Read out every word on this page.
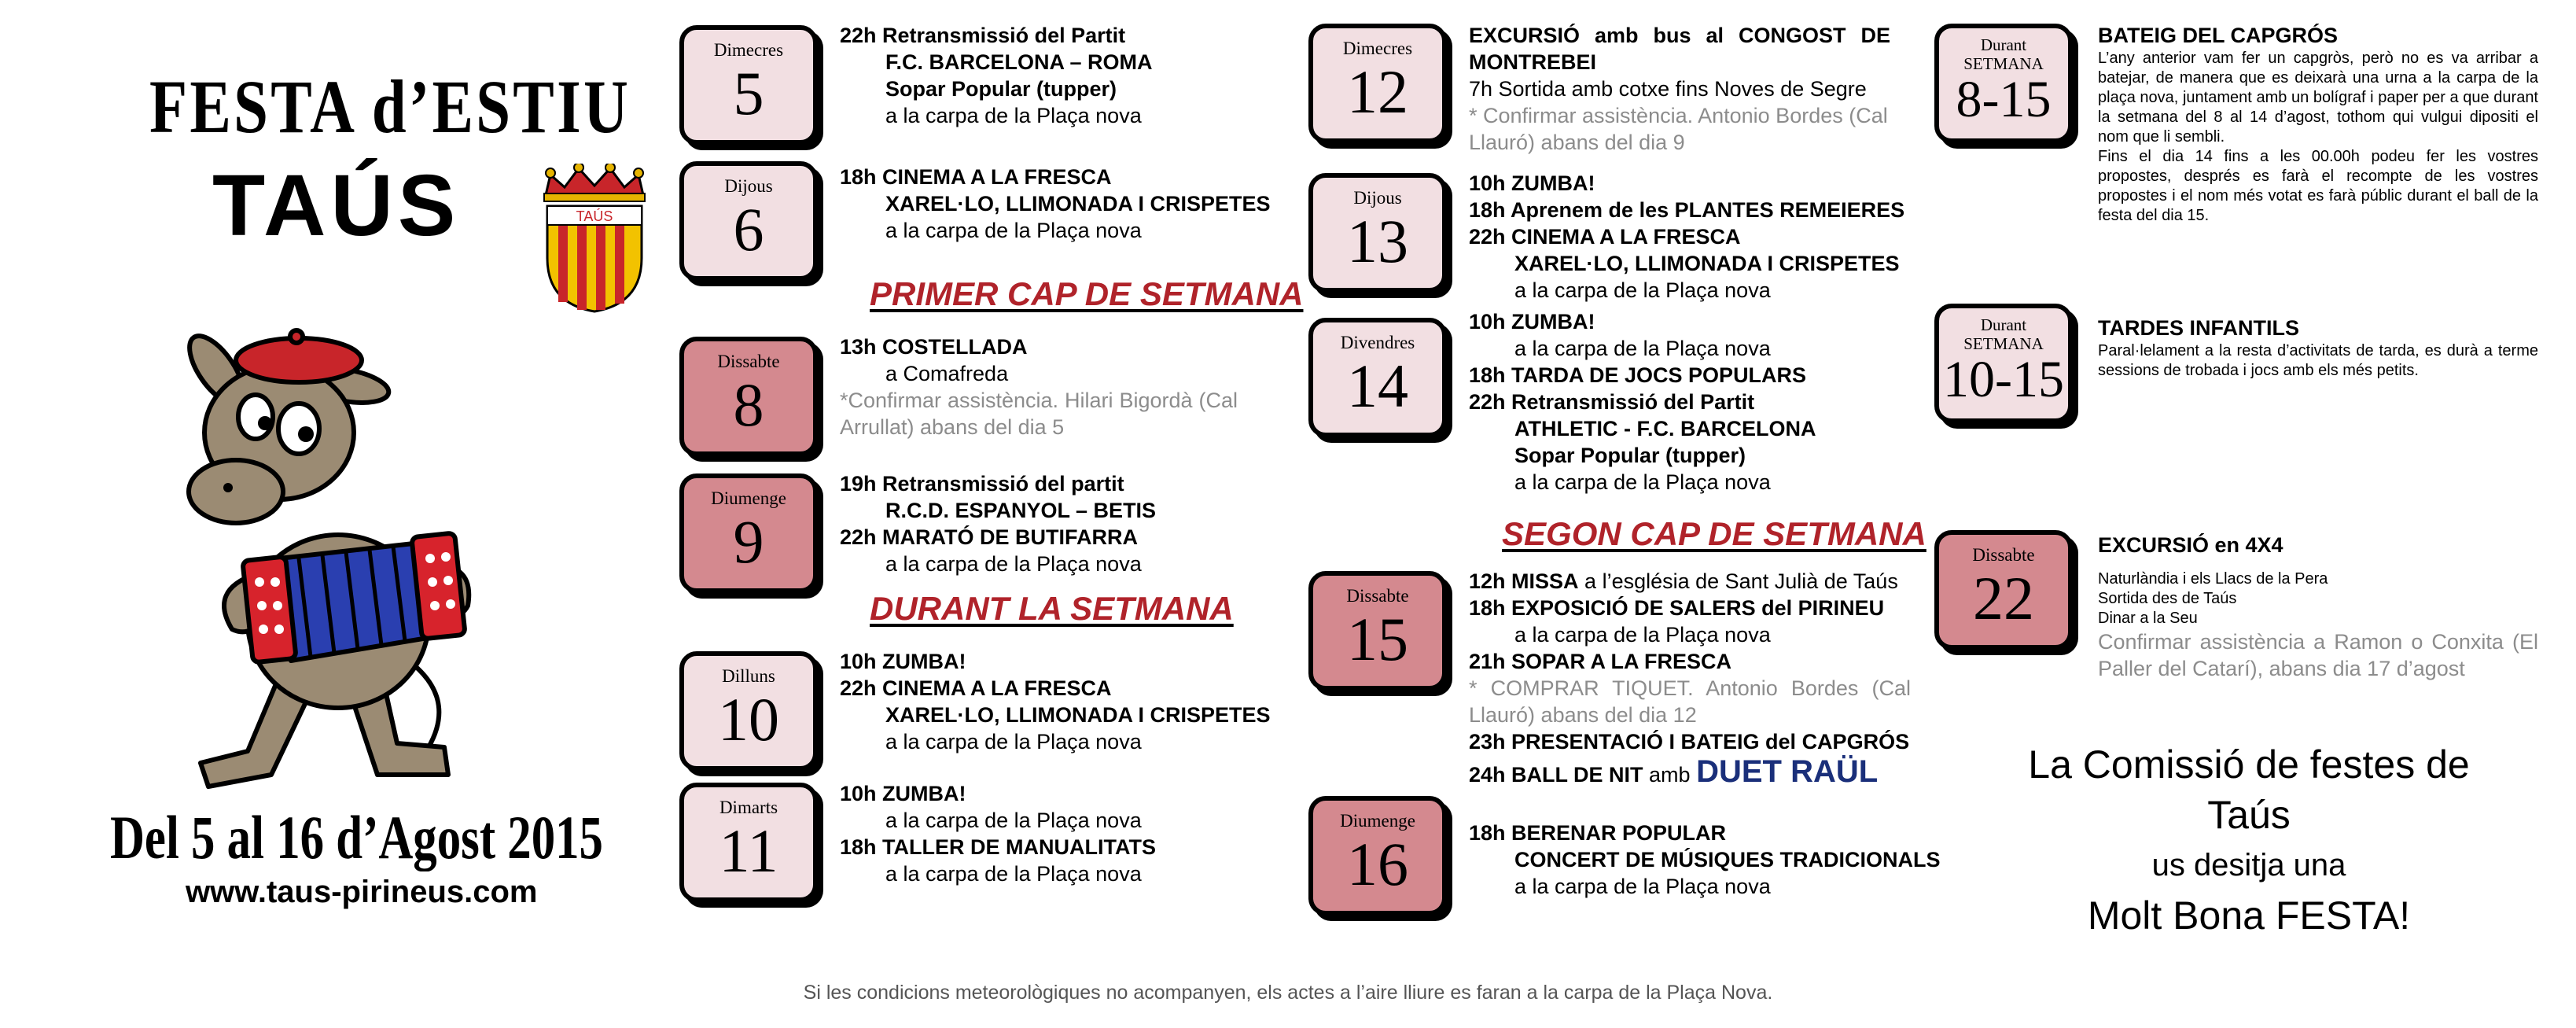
FESTA d’ESTIU
TAÚS	TAÚS
Del 5 al 16 d’Agost 2015
www.taus-pirineus.com
Dimecres
5
22h Retransmissió del Partit
F.C. BARCELONA – ROMA
Sopar Popular (tupper)
a la carpa de la Plaça nova
Dijous
6
18h CINEMA A LA FRESCA
XAREL·LO, LLIMONADA I CRISPETES
a la carpa de la Plaça nova
PRIMER CAP DE SETMANA
Dissabte
8
13h COSTELLADA
a Comafreda
*Confirmar assistència. Hilari Bigordà (Cal Arrullat) abans del dia 5
Diumenge
9
19h Retransmissió del partit
R.C.D. ESPANYOL – BETIS
22h MARATÓ DE BUTIFARRA
a la carpa de la Plaça nova
DURANT LA SETMANA
Dilluns
10
10h ZUMBA!
22h CINEMA A LA FRESCA
XAREL·LO, LLIMONADA I CRISPETES
a la carpa de la Plaça nova
Dimarts
11
10h ZUMBA!
a la carpa de la Plaça nova
18h TALLER DE MANUALITATS
a la carpa de la Plaça nova
Dimecres
12
EXCURSIÓ amb bus al CONGOST DE MONTREBEI
7h Sortida amb cotxe fins Noves de Segre
* Confirmar assistència. Antonio Bordes (Cal Llauró) abans del dia 9
Dijous
13
10h ZUMBA!
18h Aprenem de les PLANTES REMEIERES
22h CINEMA A LA FRESCA
XAREL·LO, LLIMONADA I CRISPETES
a la carpa de la Plaça nova
Divendres
14
10h ZUMBA!
a la carpa de la Plaça nova
18h TARDA DE JOCS POPULARS
22h Retransmissió del Partit
ATHLETIC - F.C. BARCELONA
Sopar Popular (tupper)
a la carpa de la Plaça nova
SEGON CAP DE SETMANA
Dissabte
15
12h MISSA a l’església de Sant Julià de Taús
18h EXPOSICIÓ DE SALERS del PIRINEU
a la carpa de la Plaça nova
21h SOPAR A LA FRESCA
* COMPRAR TIQUET. Antonio Bordes (Cal Llauró) abans del dia 12
23h PRESENTACIÓ I BATEIG del CAPGRÓS
24h BALL DE NIT amb DUET RAÜL
Diumenge
16	18h BERENAR POPULAR
CONCERT DE MÚSIQUES TRADICIONALS
a la carpa de la Plaça nova
Durant
SETMANA
8-15
BATEIG DEL CAPGRÓS
L’any anterior vam fer un capgròs, però no es va arribar a batejar, de manera que es deixarà una urna a la carpa de la plaça nova, juntament amb un bolígraf i paper per a que durant la setmana del 8 al 14 d’agost, tothom qui vulgui dipositi el nom que li sembli.
Fins el dia 14 fins a les 00.00h podeu fer les vostres propostes, després es farà el recompte de les vostres propostes i el nom més votat es farà públic durant el ball de la festa del dia 15.
Durant
SETMANA
10-15
TARDES INFANTILS
Paral·lelament a la resta d’activitats de tarda, es durà a terme sessions de trobada i jocs amb els més petits.
Dissabte
22
EXCURSIÓ en 4X4
Naturlàndia i els Llacs de la Pera
Sortida des de Taús
Dinar a la Seu
Confirmar assistència a Ramon o Conxita (El Paller del Catarí), abans dia 17 d’agost
La Comissió de festes de
Taús
us desitja una
Molt Bona FESTA!
Si les condicions meteorològiques no acompanyen, els actes a l’aire lliure es faran a la carpa de la Plaça Nova.
